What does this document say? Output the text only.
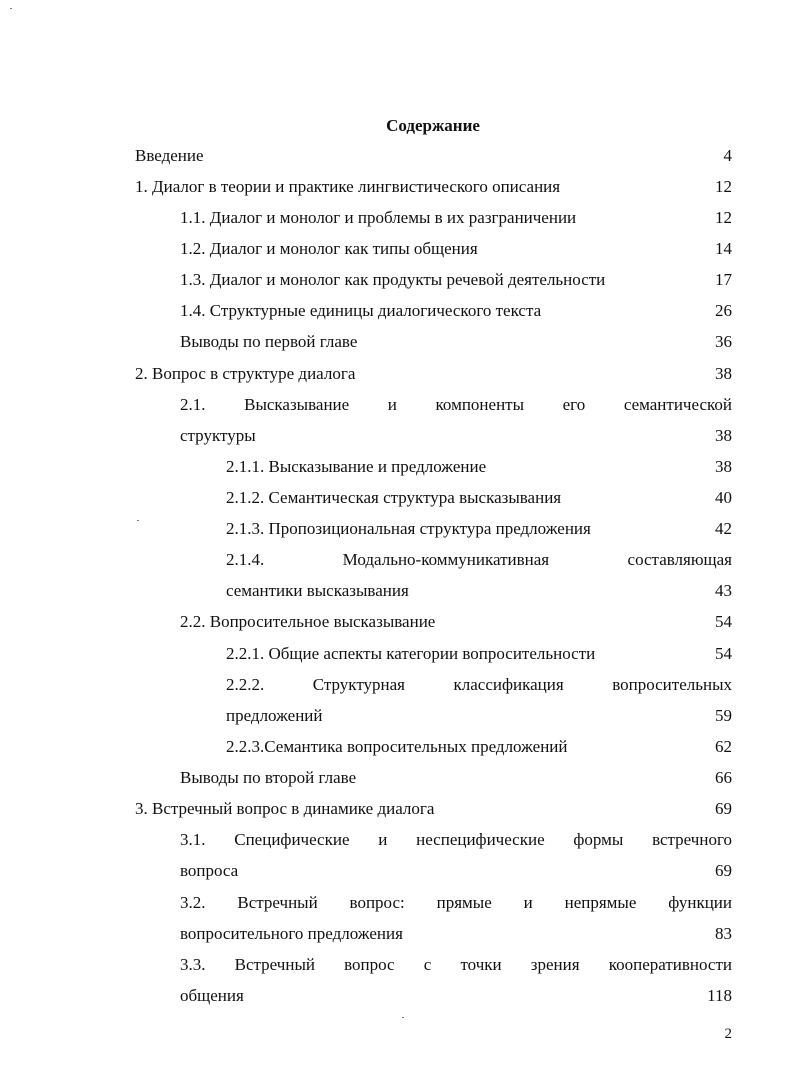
Содержание
Введение	4
1. Диалог в теории и практике лингвистического описания	12
1.1. Диалог и монолог и проблемы в их разграничении	12
1.2. Диалог и монолог как типы общения	14
1.3. Диалог и монолог как продукты речевой деятельности	17
1.4. Структурные единицы диалогического текста	26
Выводы по первой главе	36
2. Вопрос в структуре диалога	38
2.1. Высказывание и компоненты его семантической
структуры	38
2.1.1. Высказывание и предложение	38
2.1.2. Семантическая структура высказывания	40
2.1.3. Пропозициональная структура предложения	42
2.1.4. Модально-коммуникативная составляющая
семантики высказывания	43
2.2. Вопросительное высказывание	54
2.2.1. Общие аспекты категории вопросительности	54
2.2.2. Структурная классификация вопросительных
предложений	59
2.2.3.Семантика вопросительных предложений	62
Выводы по второй главе	66
3. Встречный вопрос в динамике диалога	69
3.1. Специфические и неспецифические формы встречного
вопроса	69
3.2. Встречный вопрос: прямые и непрямые функции
вопросительного предложения	83
3.3. Встречный вопрос с точки зрения кооперативности
общения	118
2
